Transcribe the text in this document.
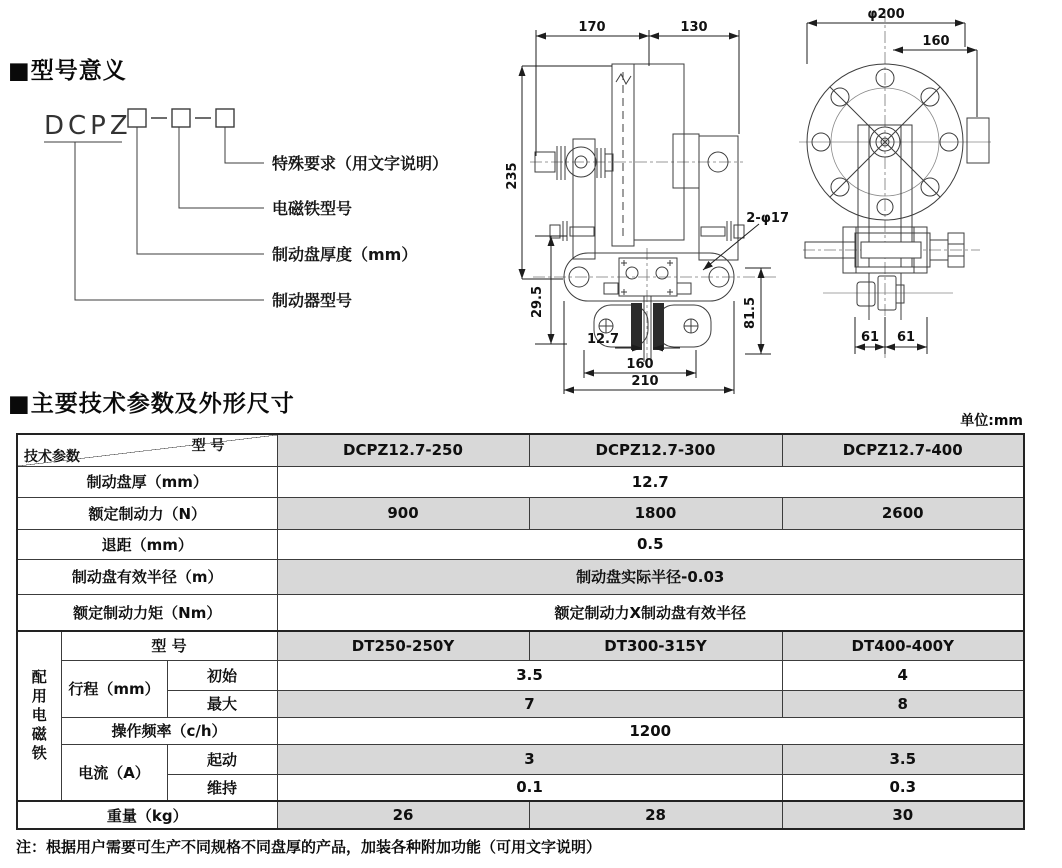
■型号意义
DCPZ
特殊要求（用文字说明）
电磁铁型号
制动盘厚度（mm）
制动器型号
170	130
235
29.5	81.5
2-φ17
12.7
160
210
φ200
160
61 61
■主要技术参数及外形尺寸
单位:mm
型 号
技术参数			DCPZ12.7-250	DCPZ12.7-300	DCPZ12.7-400
制动盘厚（mm）			12.7		
额定制动力（N）			900	1800	2600
退距（mm）			0.5		
制动盘有效半径（m）			制动盘实际半径-0.03		
额定制动力矩（Nm）			额定制动力X制动盘有效半径		

配用电磁铁	型 号		DT250-250Y	DT300-315Y	DT400-400Y
	行程（mm）	初始	3.5		4
		最大	7		8
	操作频率（c/h）		1200		
	电流（A）	起动	3		3.5
		维持	0.1		0.3
重量（kg）			26	28	30
注：根据用户需要可生产不同规格不同盘厚的产品，加装各种附加功能（可用文字说明）
